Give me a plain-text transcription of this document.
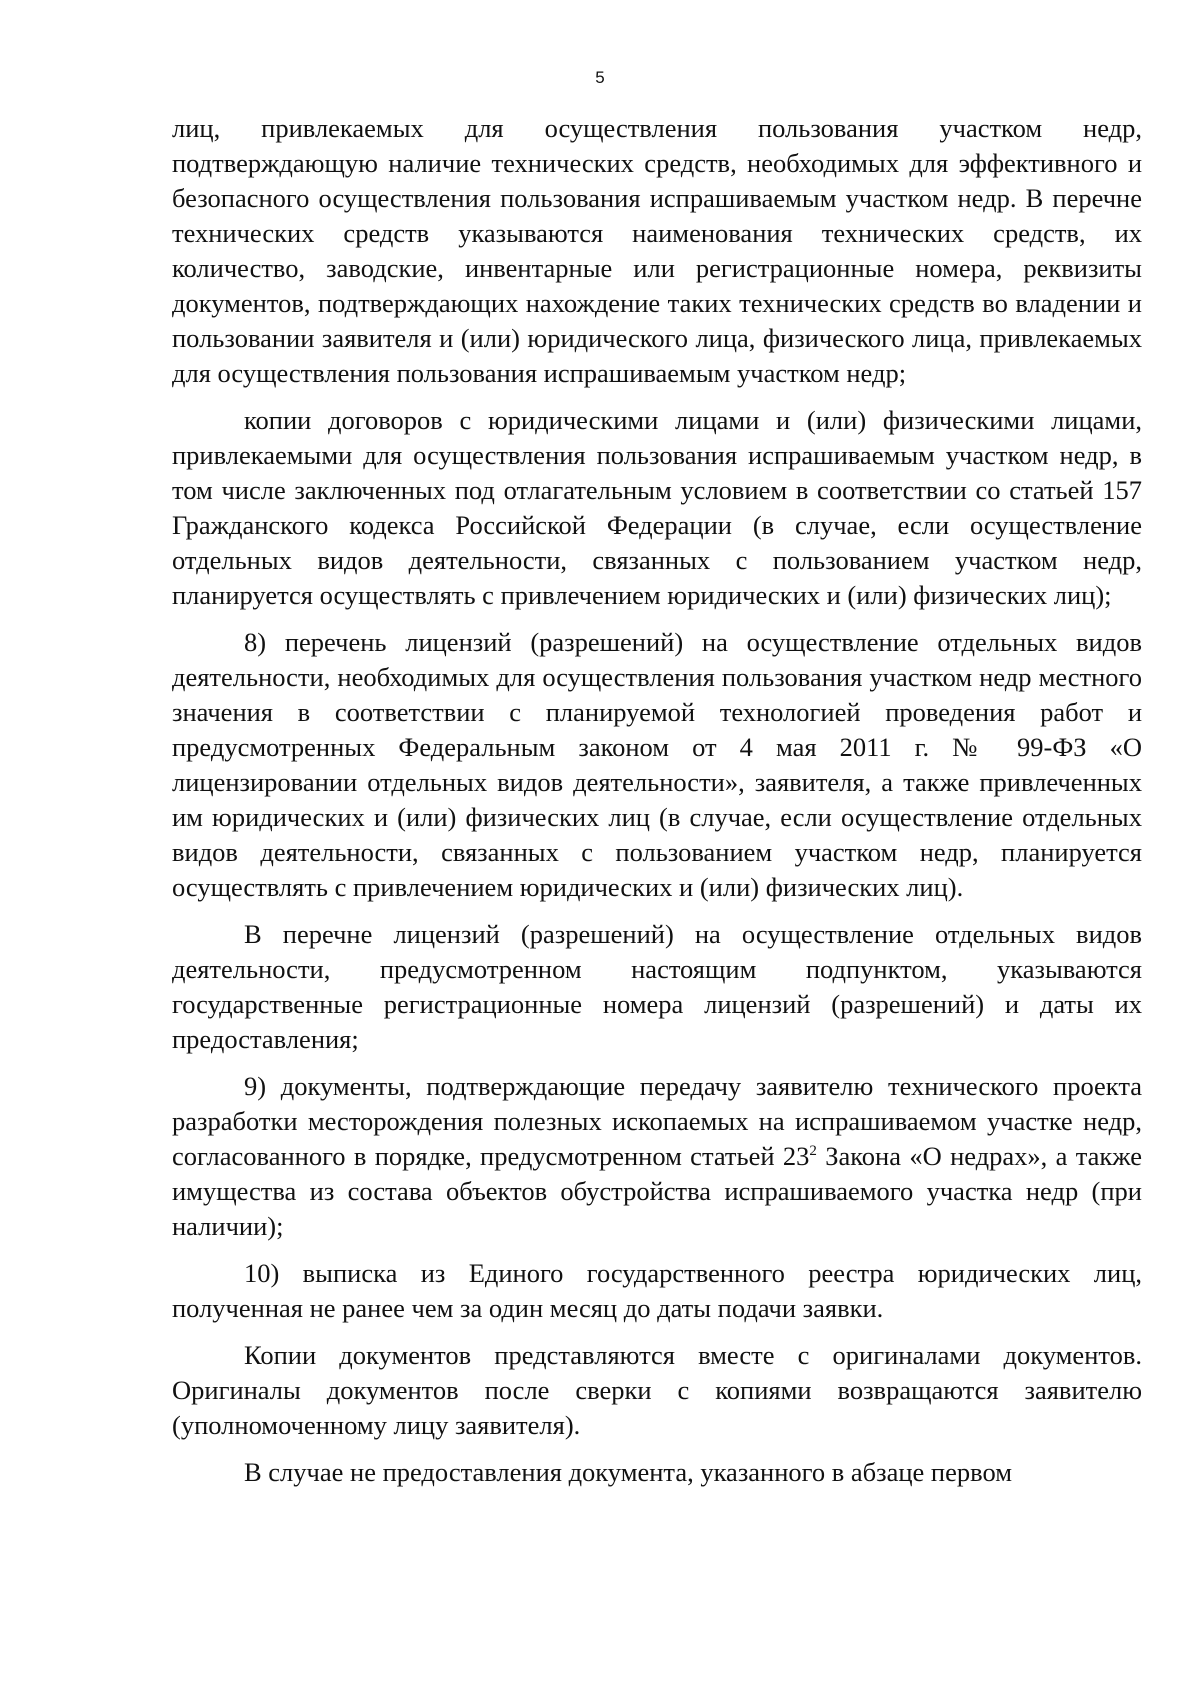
5

лиц, привлекаемых для осуществления пользования участком недр, подтверждающую наличие технических средств, необходимых для эффективного и безопасного осуществления пользования испрашиваемым участком недр. В перечне технических средств указываются наименования технических средств, их количество, заводские, инвентарные или регистрационные номера, реквизиты документов, подтверждающих нахождение таких технических средств во владении и пользовании заявителя и (или) юридического лица, физического лица, привлекаемых для осуществления пользования испрашиваемым участком недр;

копии договоров с юридическими лицами и (или) физическими лицами, привлекаемыми для осуществления пользования испрашиваемым участком недр, в том числе заключенных под отлагательным условием в соответствии со статьей 157 Гражданского кодекса Российской Федерации (в случае, если осуществление отдельных видов деятельности, связанных с пользованием участком недр, планируется осуществлять с привлечением юридических и (или) физических лиц);

8) перечень лицензий (разрешений) на осуществление отдельных видов деятельности, необходимых для осуществления пользования участком недр местного значения в соответствии с планируемой технологией проведения работ и предусмотренных Федеральным законом от 4 мая 2011 г. № 99-ФЗ «О лицензировании отдельных видов деятельности», заявителя, а также привлеченных им юридических и (или) физических лиц (в случае, если осуществление отдельных видов деятельности, связанных с пользованием участком недр, планируется осуществлять с привлечением юридических и (или) физических лиц).

В перечне лицензий (разрешений) на осуществление отдельных видов деятельности, предусмотренном настоящим подпунктом, указываются государственные регистрационные номера лицензий (разрешений) и даты их предоставления;

9) документы, подтверждающие передачу заявителю технического проекта разработки месторождения полезных ископаемых на испрашиваемом участке недр, согласованного в порядке, предусмотренном статьей $23^2$ Закона «О недрах», а также имущества из состава объектов обустройства испрашиваемого участка недр (при наличии);

10) выписка из Единого государственного реестра юридических лиц, полученная не ранее чем за один месяц до даты подачи заявки.

Копии документов представляются вместе с оригиналами документов. Оригиналы документов после сверки с копиями возвращаются заявителю (уполномоченному лицу заявителя).

В случае не предоставления документа, указанного в абзаце первом
